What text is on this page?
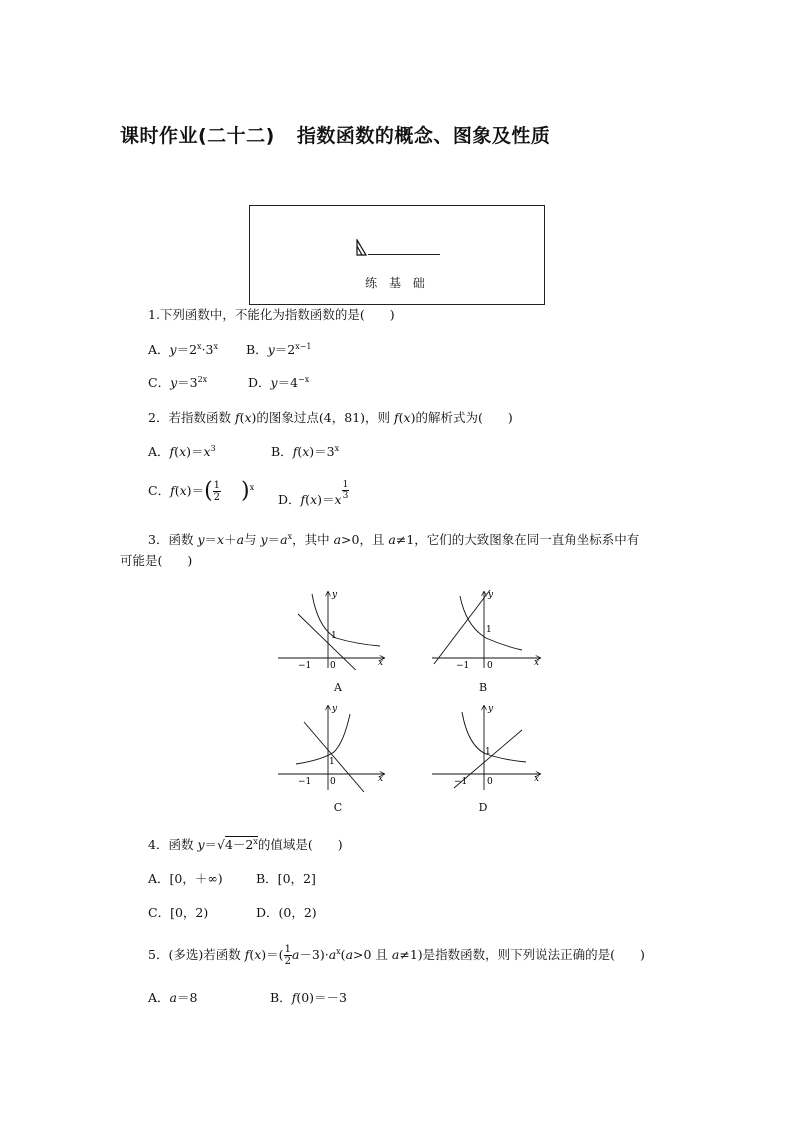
课时作业(二十二) 指数函数的概念、图象及性质
练 基 础
1.下列函数中，不能化为指数函数的是(　　)
A．$y=2^x\cdot 3^x$ B．$y=2^{x-1}$
C．$y=3^{2x}$	D．$y=4^{-x}$
2．若指数函数 f(x)的图象过点(4，81)，则 f(x)的解析式为(　　)
A．$f(x)=x^3$	B．$f(x)=3^x$
C．$f(x)=( \frac{1}{2} )^x$
D．$f(x)=x \frac{1}{3}$
3．函数 y＝x＋a与 $y=a^x$，其中 a>0，且 a≠1，它们的大致图象在同一直角坐标系中有
可能是(　　)
y
x
1
0
−1
A
y
x
1
0
−1
B
y
x
1
0
−1
C
y
x
1
0
−1
D
4．函数 $y=√4-2^x$的值域是(　　)
A．[0，＋∞)	B．[0，2]
C．[0，2)	D．(0，2)
5．(多选)若函数 $f(x)=( \frac{1}{2} a-3)\cdot a^x(a>0$ 且 a≠1)是指数函数，则下列说法正确的是(　　)
A．a＝8	B．f(0)＝－3
